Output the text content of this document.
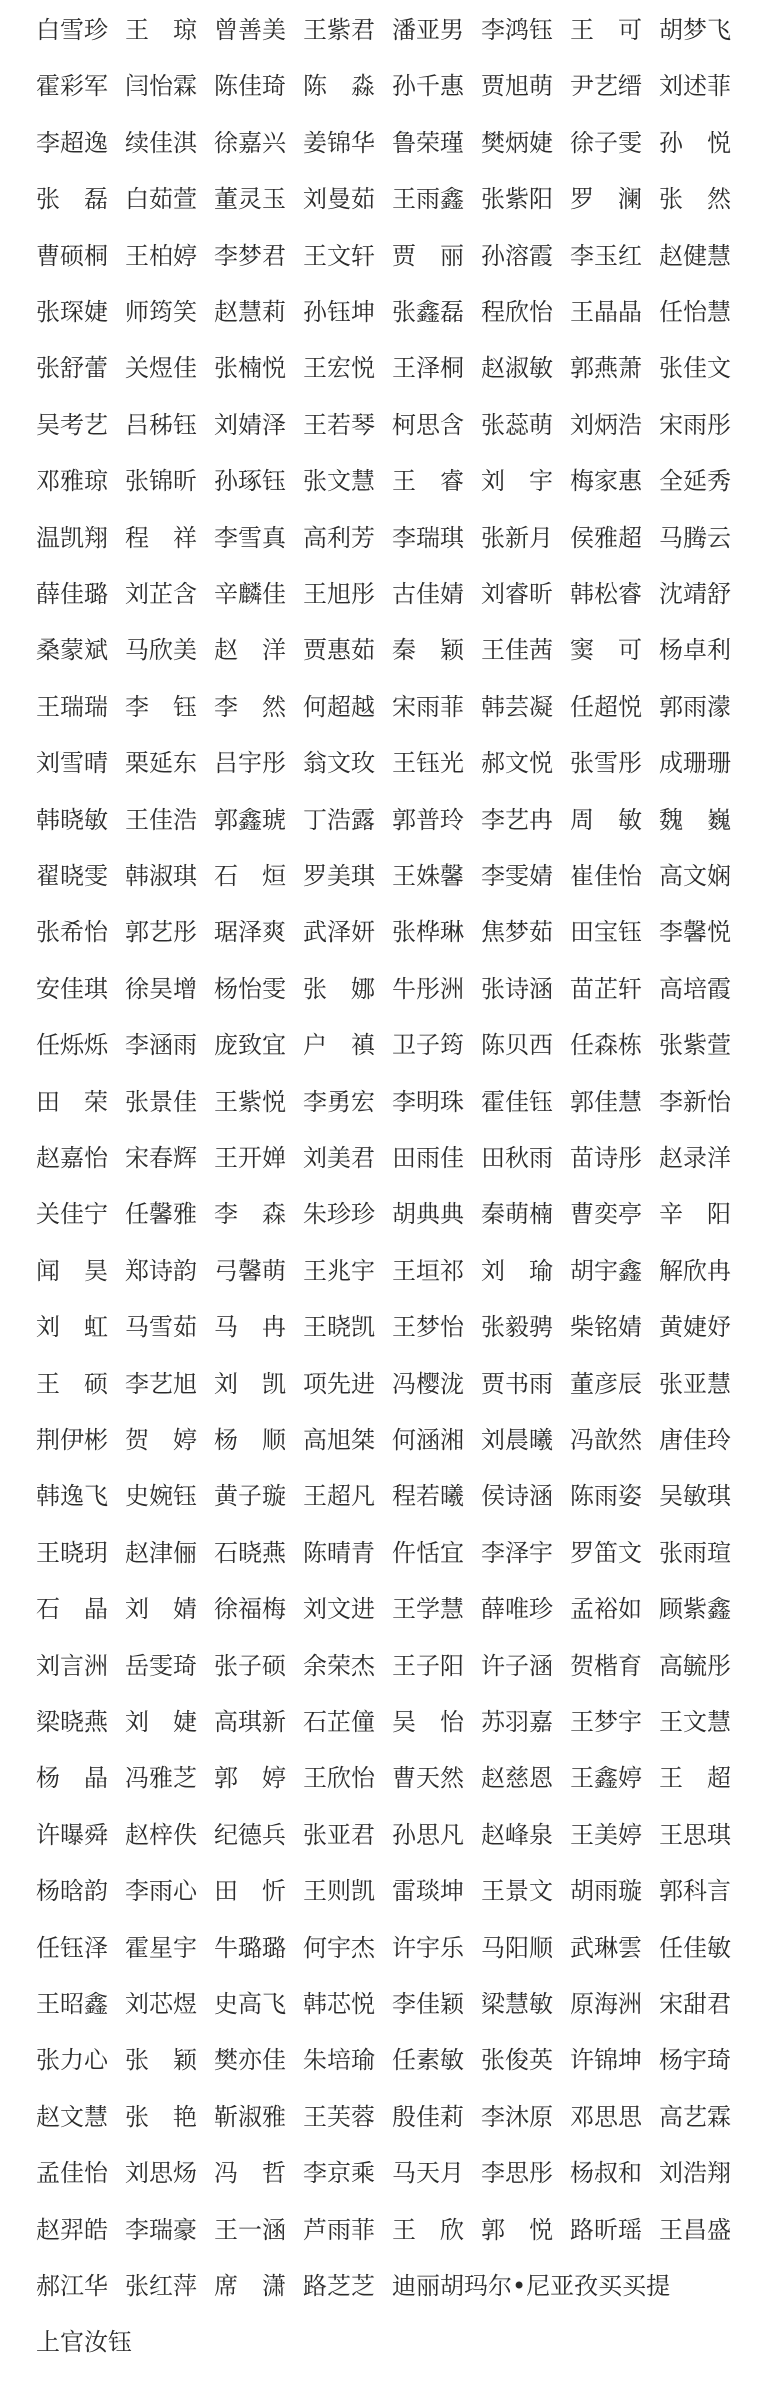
白雪珍 王　琼 曾善美 王紫君 潘亚男 李鸿钰 王　可 胡梦飞
霍彩军 闫怡霖 陈佳琦 陈　淼 孙千惠 贾旭萌 尹艺缙 刘述菲
李超逸 续佳淇 徐嘉兴 姜锦华 鲁荣瑾 樊炳婕 徐子雯 孙　悦
张　磊 白茹萱 董灵玉 刘曼茹 王雨鑫 张紫阳 罗　澜 张　然
曹硕桐 王柏婷 李梦君 王文轩 贾　丽 孙溶霞 李玉红 赵健慧
张琛婕 师筠笑 赵慧莉 孙钰坤 张鑫磊 程欣怡 王晶晶 任怡慧
张舒蕾 关煜佳 张楠悦 王宏悦 王泽桐 赵淑敏 郭燕萧 张佳文
吴考艺 吕秭钰 刘婧泽 王若琴 柯思含 张蕊萌 刘炳浩 宋雨彤
邓雅琼 张锦昕 孙琢钰 张文慧 王　睿 刘　宇 梅家惠 全延秀
温凯翔 程　祥 李雪真 高利芳 李瑞琪 张新月 侯雅超 马腾云
薛佳璐 刘芷含 辛麟佳 王旭彤 古佳婧 刘睿昕 韩松睿 沈靖舒
桑蒙斌 马欣美 赵　洋 贾惠茹 秦　颖 王佳茜 窦　可 杨卓利
王瑞瑞 李　钰 李　然 何超越 宋雨菲 韩芸凝 任超悦 郭雨濛
刘雪晴 栗延东 吕宇彤 翁文玫 王钰光 郝文悦 张雪彤 成珊珊
韩晓敏 王佳浩 郭鑫琥 丁浩露 郭普玲 李艺冉 周　敏 魏　巍
翟晓雯 韩淑琪 石　烜 罗美琪 王姝馨 李雯婧 崔佳怡 高文娴
张希怡 郭艺彤 琚泽爽 武泽妍 张桦琳 焦梦茹 田宝钰 李馨悦
安佳琪 徐昊增 杨怡雯 张　娜 牛彤洲 张诗涵 苗芷轩 高培霞
任烁烁 李涵雨 庞致宜 户　禛 卫子筠 陈贝西 任森栋 张紫萱
田　荣 张景佳 王紫悦 李勇宏 李明珠 霍佳钰 郭佳慧 李新怡
赵嘉怡 宋春辉 王开婵 刘美君 田雨佳 田秋雨 苗诗彤 赵录洋
关佳宁 任馨雅 李　森 朱珍珍 胡典典 秦萌楠 曹奕亭 辛　阳
闻　昊 郑诗韵 弓馨萌 王兆宇 王垣祁 刘　瑜 胡宇鑫 解欣冉
刘　虹 马雪茹 马　冉 王晓凯 王梦怡 张毅骋 柴铭婧 黄婕妤
王　硕 李艺旭 刘　凯 项先进 冯樱泷 贾书雨 董彦辰 张亚慧
荆伊彬 贺　婷 杨　顺 高旭桀 何涵湘 刘晨曦 冯歆然 唐佳玲
韩逸飞 史婉钰 黄子璇 王超凡 程若曦 侯诗涵 陈雨姿 吴敏琪
王晓玥 赵津俪 石晓燕 陈晴青 仵恬宜 李泽宇 罗笛文 张雨瑄
石　晶 刘　婧 徐福梅 刘文进 王学慧 薛唯珍 孟裕如 顾紫鑫
刘言洲 岳雯琦 张子硕 余荣杰 王子阳 许子涵 贺楷育 高毓彤
梁晓燕 刘　婕 高琪新 石芷僮 吴　怡 苏羽嘉 王梦宇 王文慧
杨　晶 冯雅芝 郭　婷 王欣怡 曹天然 赵慈恩 王鑫婷 王　超
许曝舜 赵梓佚 纪德兵 张亚君 孙思凡 赵峰泉 王美婷 王思琪
杨晗韵 李雨心 田　忻 王则凯 雷琰坤 王景文 胡雨璇 郭科言
任钰泽 霍星宇 牛璐璐 何宇杰 许宇乐 马阳顺 武琳雲 任佳敏
王昭鑫 刘芯煜 史高飞 韩芯悦 李佳颖 梁慧敏 原海洲 宋甜君
张力心 张　颖 樊亦佳 朱培瑜 任素敏 张俊英 许锦坤 杨宇琦
赵文慧 张　艳 靳淑雅 王芙蓉 殷佳莉 李沐原 邓思思 高艺霖
孟佳怡 刘思炀 冯　哲 李京乘 马天月 李思彤 杨叔和 刘浩翔
赵羿皓 李瑞豪 王一涵 芦雨菲 王　欣 郭　悦 路昕瑶 王昌盛
郝江华 张红萍 席　潇 路芝芝 迪丽胡玛尔•尼亚孜买买提
上官汝钰
